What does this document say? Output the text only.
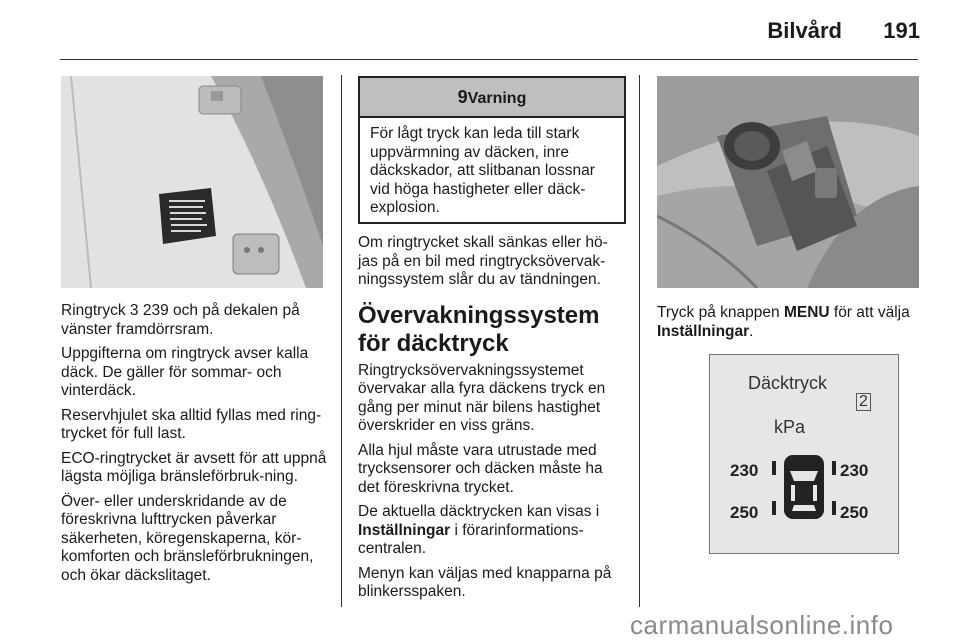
Bilvård 191

Ringtryck 3 239 och på dekalen på vänster framdörrsram.

Uppgifterna om ringtryck avser kalla däck. De gäller för sommar- och vinterdäck.

Reservhjulet ska alltid fyllas med ring-trycket för full last.

ECO-ringtrycket är avsett för att uppnå lägsta möjliga bränsleförbruk-ning.

Över- eller underskridande av de föreskrivna lufttrycken påverkar säkerheten, köregenskaperna, kör-komforten och bränsleförbrukningen, och ökar däckslitaget.

9Varning
För lågt tryck kan leda till stark uppvärmning av däcken, inre däckskador, att slitbanan lossnar vid höga hastigheter eller däck-explosion.

Om ringtrycket skall sänkas eller hö-jas på en bil med ringtrycksövervak-ningssystem slår du av tändningen.

Övervakningssystem för däcktryck

Ringtrycksövervakningssystemet övervakar alla fyra däckens tryck en gång per minut när bilens hastighet överskrider en viss gräns.

Alla hjul måste vara utrustade med trycksensorer och däcken måste ha det föreskrivna trycket.

De aktuella däcktrycken kan visas i Inställningar i förarinformations-centralen.

Menyn kan väljas med knapparna på blinkersspaken.

Tryck på knappen MENU för att välja Inställningar.

Däcktryck
2
kPa
230	230
250	250
carmanualsonline.info
